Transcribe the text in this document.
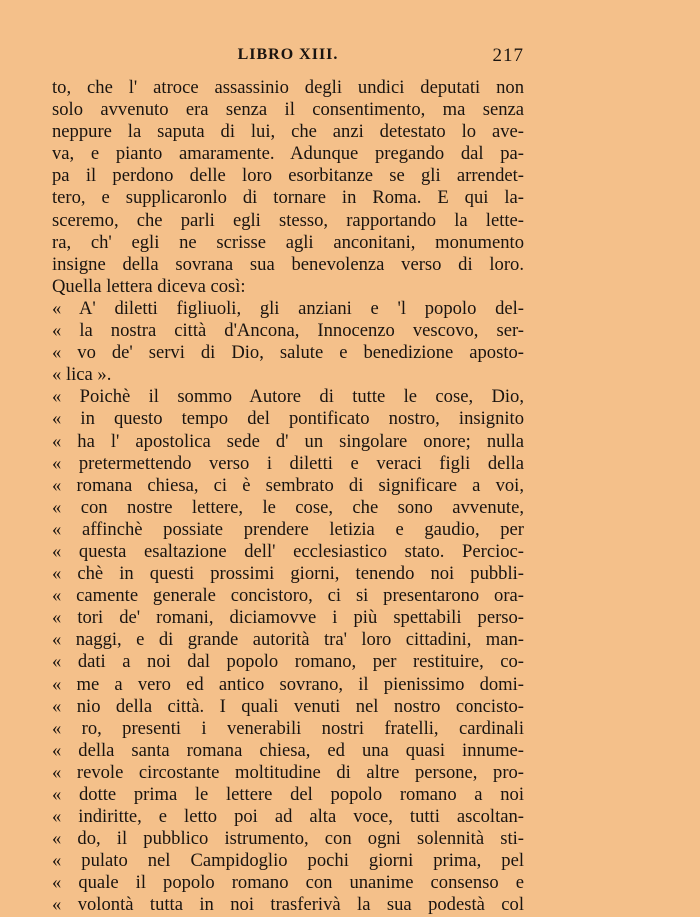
LIBRO XIII.	217
to, che l' atroce assassinio degli undici deputati non
solo avvenuto era senza il consentimento, ma senza
neppure la saputa di lui, che anzi detestato lo ave-
va, e pianto amaramente. Adunque pregando dal pa-
pa il perdono delle loro esorbitanze se gli arrendet-
tero, e supplicaronlo di tornare in Roma. E qui la-
sceremo, che parli egli stesso, rapportando la lette-
ra, ch' egli ne scrisse agli anconitani, monumento
insigne della sovrana sua benevolenza verso di loro.
Quella lettera diceva così:
« A' diletti figliuoli, gli anziani e 'l popolo del-
« la nostra città d'Ancona, Innocenzo vescovo, ser-
« vo de' servi di Dio, salute e benedizione aposto-
« lica ».
« Poichè il sommo Autore di tutte le cose, Dio,
« in questo tempo del pontificato nostro, insignito
« ha l' apostolica sede d' un singolare onore; nulla
« pretermettendo verso i diletti e veraci figli della
« romana chiesa, ci è sembrato di significare a voi,
« con nostre lettere, le cose, che sono avvenute,
« affinchè possiate prendere letizia e gaudio, per
« questa esaltazione dell' ecclesiastico stato. Percioc-
« chè in questi prossimi giorni, tenendo noi pubbli-
« camente generale concistoro, ci si presentarono ora-
« tori de' romani, diciamovve i più spettabili perso-
« naggi, e di grande autorità tra' loro cittadini, man-
« dati a noi dal popolo romano, per restituire, co-
« me a vero ed antico sovrano, il pienissimo domi-
« nio della città. I quali venuti nel nostro concisto-
« ro, presenti i venerabili nostri fratelli, cardinali
« della santa romana chiesa, ed una quasi innume-
« revole circostante moltitudine di altre persone, pro-
« dotte prima le lettere del popolo romano a noi
« indiritte, e letto poi ad alta voce, tutti ascoltan-
« do, il pubblico istrumento, con ogni solennità sti-
« pulato nel Campidoglio pochi giorni prima, pel
« quale il popolo romano con unanime consenso e
« volontà tutta in noi trasferivà la sua podestà col
